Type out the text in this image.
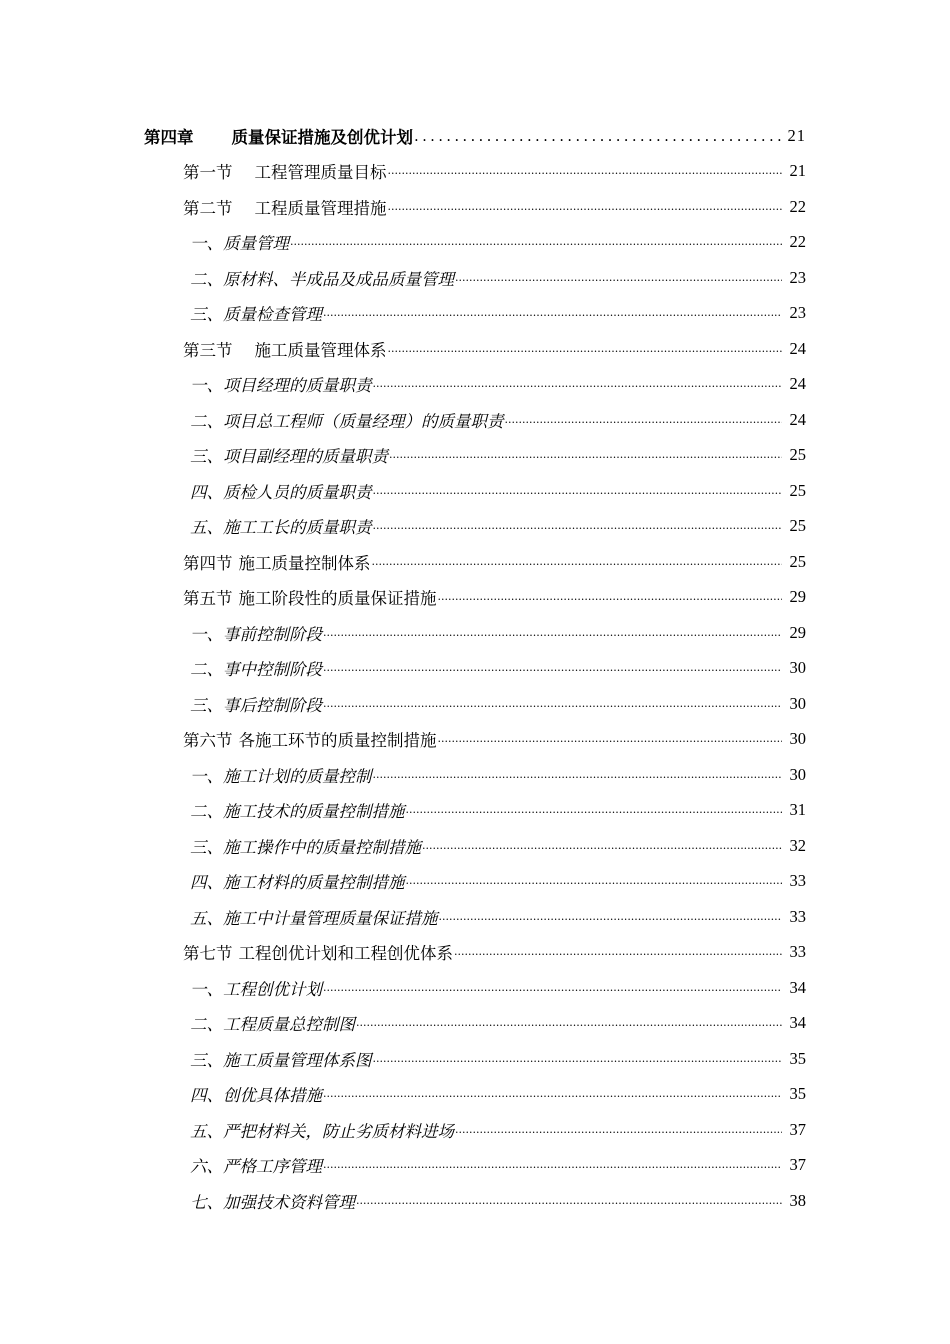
第四章 质量保证措施及创优计划 .....	21
第一节 工程管理质量目标 .....	21
第二节 工程质量管理措施 .....	22
一、质量管理 .....	22
二、原材料、半成品及成品质量管理 .....	23
三、质量检查管理 .....	23
第三节 施工质量管理体系 .....	24
一、项目经理的质量职责 .....	24
二、项目总工程师（质量经理）的质量职责 .....	24
三、项目副经理的质量职责 .....	25
四、质检人员的质量职责 .....	25
五、施工工长的质量职责 .....	25
第四节 施工质量控制体系 .....	25
第五节 施工阶段性的质量保证措施 .....	29
一、事前控制阶段 .....	29
二、事中控制阶段 .....	30
三、事后控制阶段 .....	30
第六节 各施工环节的质量控制措施 .....	30
一、施工计划的质量控制 .....	30
二、施工技术的质量控制措施 .....	31
三、施工操作中的质量控制措施 .....	32
四、施工材料的质量控制措施 .....	33
五、施工中计量管理质量保证措施 .....	33
第七节 工程创优计划和工程创优体系 .....	33
一、工程创优计划 .....	34
二、工程质量总控制图 .....	34
三、施工质量管理体系图 .....	35
四、创优具体措施 .....	35
五、严把材料关，防止劣质材料进场 .....	37
六、严格工序管理 .....	37
七、加强技术资料管理 .....	38
